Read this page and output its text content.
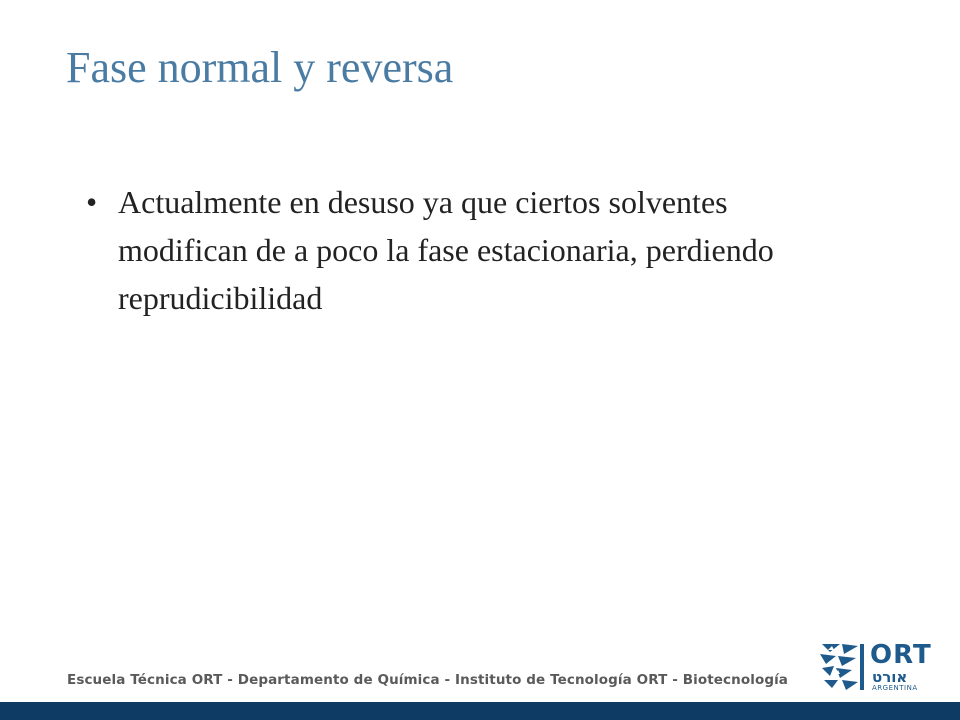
Fase normal y reversa
• Actualmente en desuso ya que ciertos solventes modifican de a poco la fase estacionaria, perdiendo reprudicibilidad
Escuela Técnica ORT - Departamento de Química - Instituto de Tecnología ORT - Biotecnología
ORT
אורט
ARGENTINA
